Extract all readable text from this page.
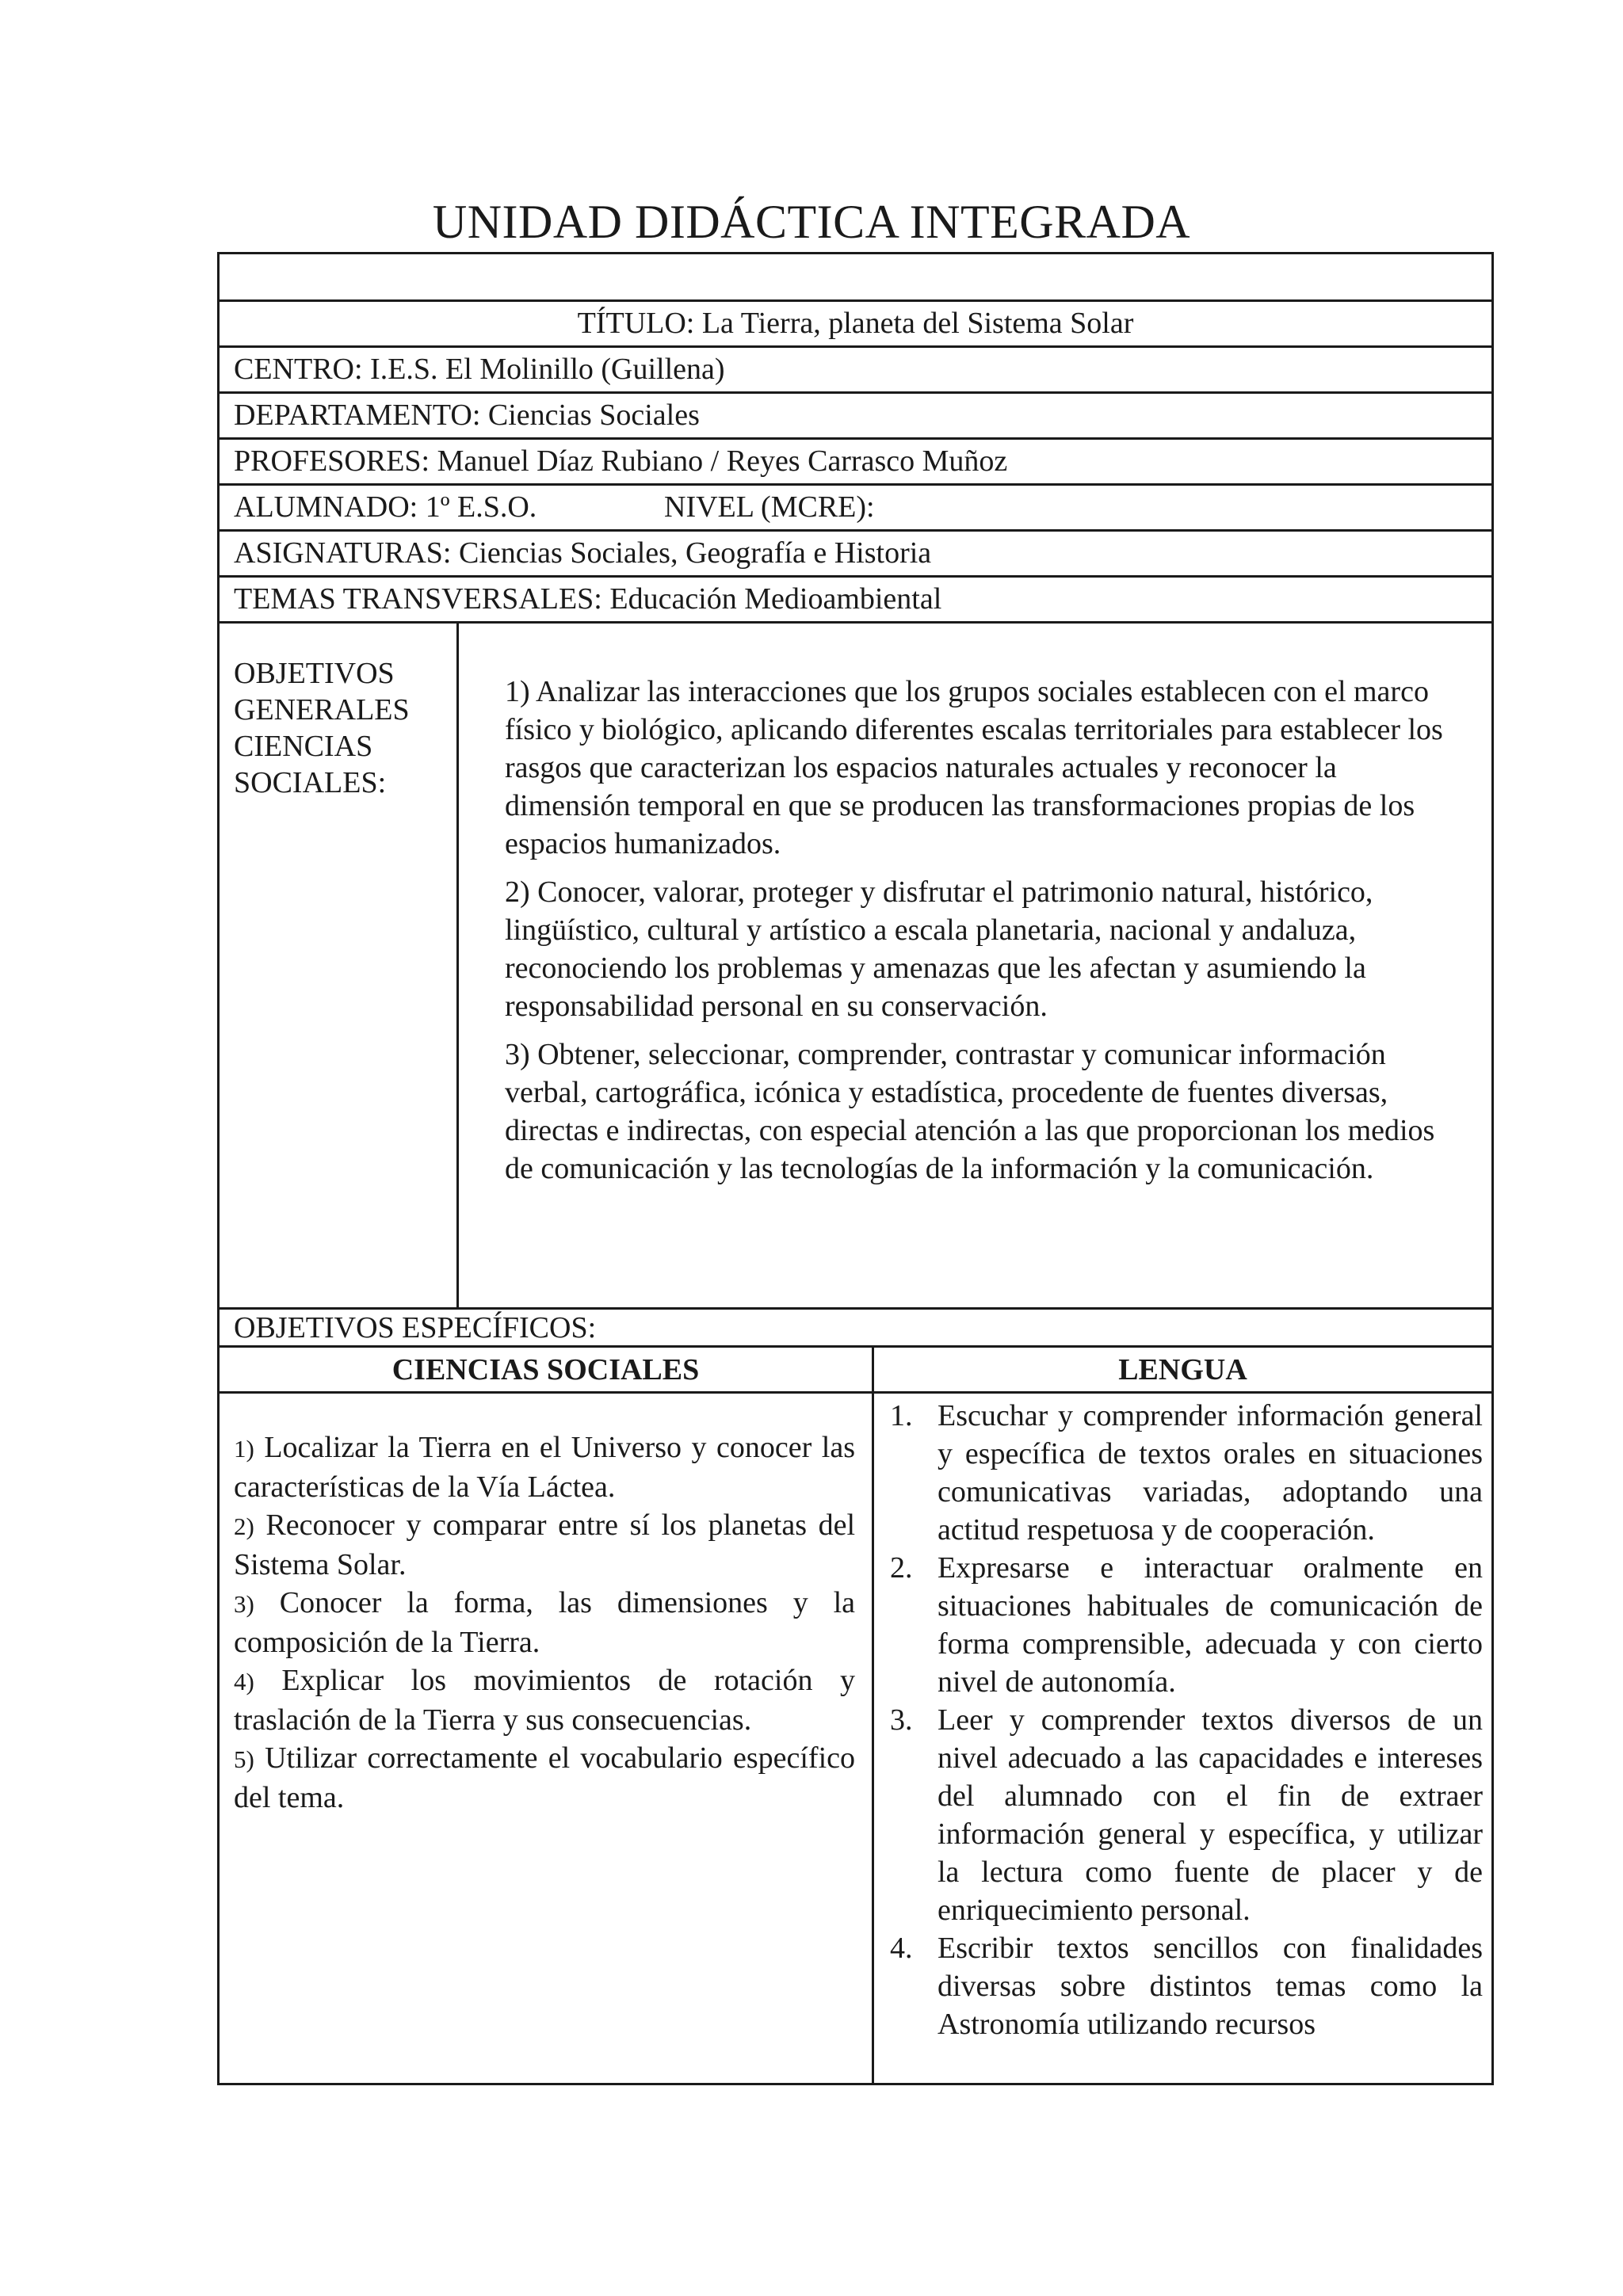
UNIDAD DIDÁCTICA INTEGRADA
TÍTULO: La Tierra, planeta del Sistema Solar
CENTRO: I.E.S. El Molinillo (Guillena)
DEPARTAMENTO: Ciencias Sociales
PROFESORES: Manuel Díaz Rubiano / Reyes Carrasco Muñoz
ALUMNADO: 1º E.S.O.	NIVEL (MCRE):
ASIGNATURAS: Ciencias Sociales, Geografía e Historia
TEMAS TRANSVERSALES: Educación Medioambiental
OBJETIVOS
GENERALES
CIENCIAS
SOCIALES:

1) Analizar las interacciones que los grupos sociales establecen con el marco físico y biológico, aplicando diferentes escalas territoriales para establecer los rasgos que caracterizan los espacios naturales actuales y reconocer la dimensión temporal en que se producen las transformaciones propias de los espacios humanizados.

2) Conocer, valorar, proteger y disfrutar el patrimonio natural, histórico, lingüístico, cultural y artístico a escala planetaria, nacional y andaluza, reconociendo los problemas y amenazas que les afectan y asumiendo la responsabilidad personal en su conservación.

3) Obtener, seleccionar, comprender, contrastar y comunicar información verbal, cartográfica, icónica y estadística, procedente de fuentes diversas, directas e indirectas, con especial atención a las que proporcionan los medios de comunicación y las tecnologías de la información y la comunicación.

OBJETIVOS ESPECÍFICOS:
CIENCIAS SOCIALES	LENGUA
1) Localizar la Tierra en el Universo y conocer las características de la Vía Láctea.
2) Reconocer y comparar entre sí los planetas del Sistema Solar.
3) Conocer la forma, las dimensiones y la composición de la Tierra.
4) Explicar los movimientos de rotación y traslación de la Tierra y sus consecuencias.
5) Utilizar correctamente el vocabulario específico del tema.
1. Escuchar y comprender información general y específica de textos orales en situaciones comunicativas variadas, adoptando una actitud respetuosa y de cooperación.
2. Expresarse e interactuar oralmente en situaciones habituales de comunicación de forma comprensible, adecuada y con cierto nivel de autonomía.
3. Leer y comprender textos diversos de un nivel adecuado a las capacidades e intereses del alumnado con el fin de extraer información general y específica, y utilizar la lectura como fuente de placer y de enriquecimiento personal.
4. Escribir textos sencillos con finalidades diversas sobre distintos temas como la Astronomía utilizando recursos
